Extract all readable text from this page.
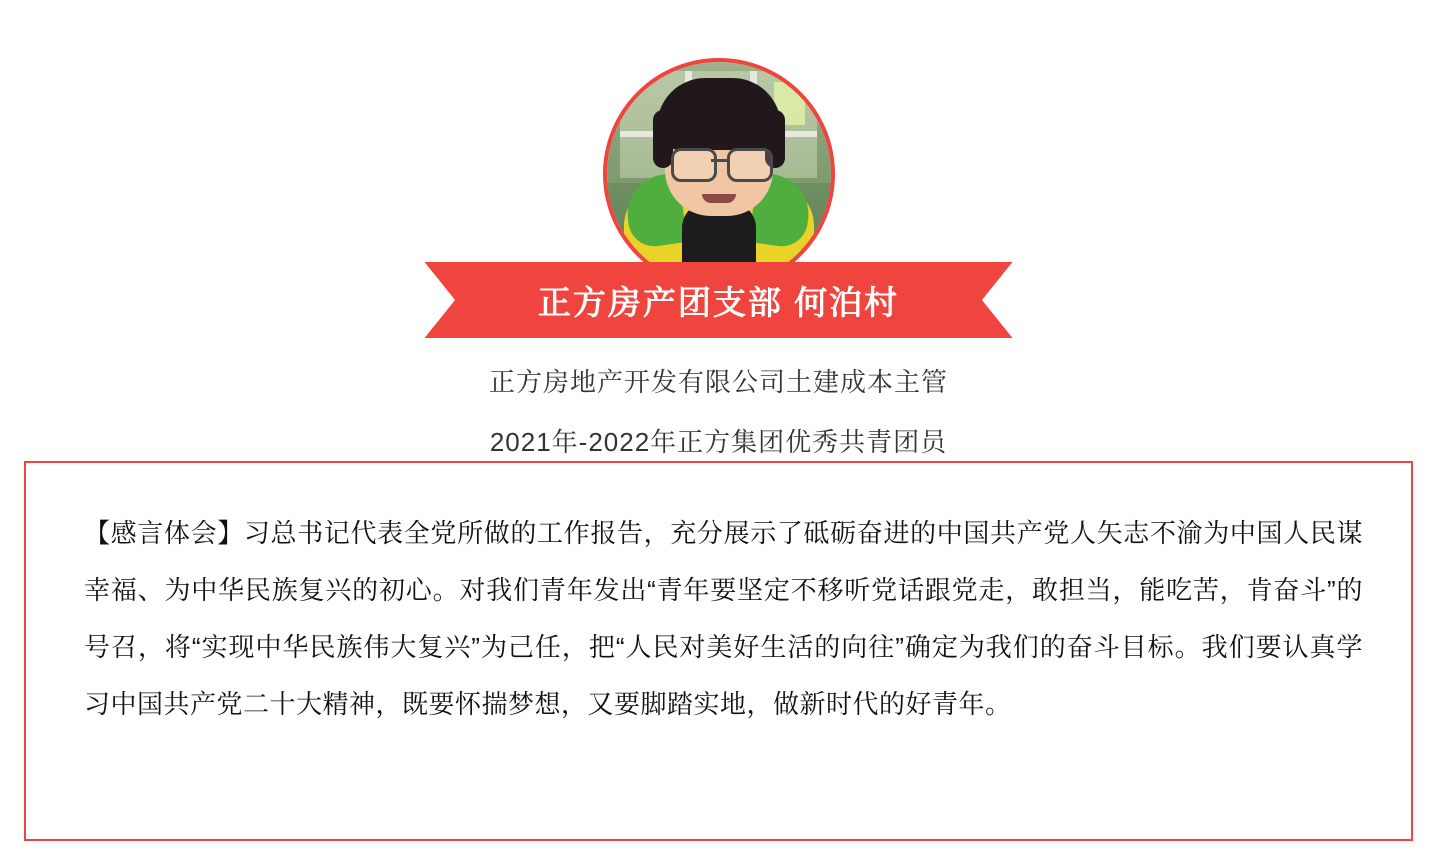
正方房产团支部 何泊村
正方房地产开发有限公司土建成本主管
2021年-2022年正方集团优秀共青团员
【感言体会】习总书记代表全党所做的工作报告，充分展示了砥砺奋进的中国共产党人矢志不渝为中国人民谋幸福、为中华民族复兴的初心。对我们青年发出“青年要坚定不移听党话跟党走，敢担当，能吃苦，肯奋斗”的号召，将“实现中华民族伟大复兴”为己任，把“人民对美好生活的向往”确定为我们的奋斗目标。我们要认真学习中国共产党二十大精神，既要怀揣梦想，又要脚踏实地，做新时代的好青年。
